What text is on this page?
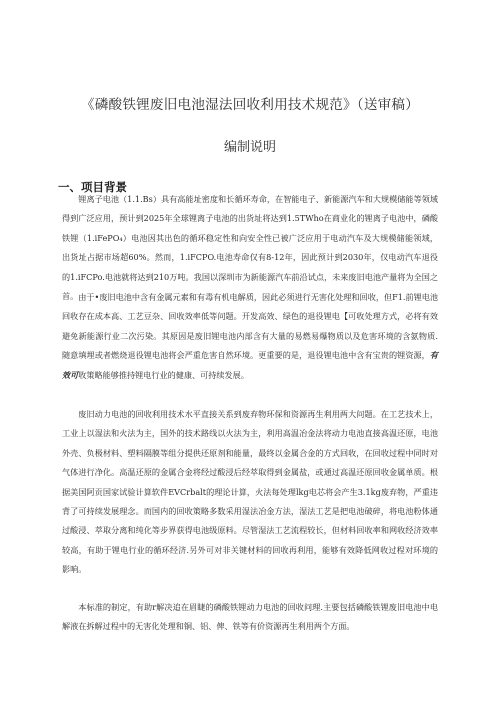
《磷酸铁锂废旧电池湿法回收利用技术规范》（送审稿）
编制说明
一、项目背景

锂离子电池（1.1.Bs）具有高能址密度和长循环寿命，在智能电子、新能源汽车和大规模储能等领域得到广泛应用，预计到2025年全球锂离子电池的出货址将达到1.5TWho在商业化的锂离子电池中，磷酸铁锂（1.iFePO₄）电池因其出色的循环稳定性和向安全性已被广泛应用于电动汽车及大规模储能领域，出货址占据市场超60%。然而，1.iFCPO.电池寿命仅有8-12年，因此预计到2030年，仅电动汽车退役的1.iFCPo.电池就将达到210万吨。我国以深圳市为新能源汽车前沿试点，未来废旧电池产量将为全国之首。 由于•废旧电池中含有金属元素和有毒有机电解质，因此必须进行无害化处理和回收，但F1.前锂电池回收存在成本高、工艺豆杂、回收效率低等问题。开发高效、绿色的退役锂电【可收处理方式，必将有效避免新能源行业二次污染。其原因是废旧锂电池内部含有大量的易燃易爆物质以及危害环境的含氨物质.随意填埋或者燃烧退役锂电池将会严重危害自然环境。更重要的是，退役锂电池中含有宝贵的锂资源，有效可收策略能够推持锂电行业的健康、可持续发展。

废旧动力电池的回收利用技术水平直接关系到废弃物环保和资源再生利用两大问题。在工艺技术上，工业上以湿法和火法为主，国外的技术路线以火法为主，利用高温冶金法将动力电池直接高温还原，电池外壳、负极材料、塑料隔膜等组分提供还原剂和能量，最终以金属合金的方式回收，在回收过程中同时对气体进行净化。高温还原的金属合金将经过酸浸后经萃取得到金属盐，或通过高温还原回收金属单质。根据美国阿贡国家试验计算软件EVCrbalt的理论计算，火法每处理lkg电芯将会产生3.1kg废弃物，严重违背了可持续发展理念。而国内的回收策略多数采用湿法冶金方法，湿法工艺是把电池破碎，将电池粉体通过酸浸、萃取分离和纯化等步界获得电池级原料。尽管湿法工艺流程较长，但材料回收率和网收经济效率较高，有助于锂电行业的循环经济.另外可对非关键材料的回收再利用，能够有效降低网收过程对环境的影响。

本标准的制定，有助r解决追在眉睫的磷酸铁锂动力电池的回收问理.主要包括磷酸铁锂废旧电池中电解液在拆解过程中的无害化处理和铜、铝、俾、铁等有价资源再生利用两个方面。
